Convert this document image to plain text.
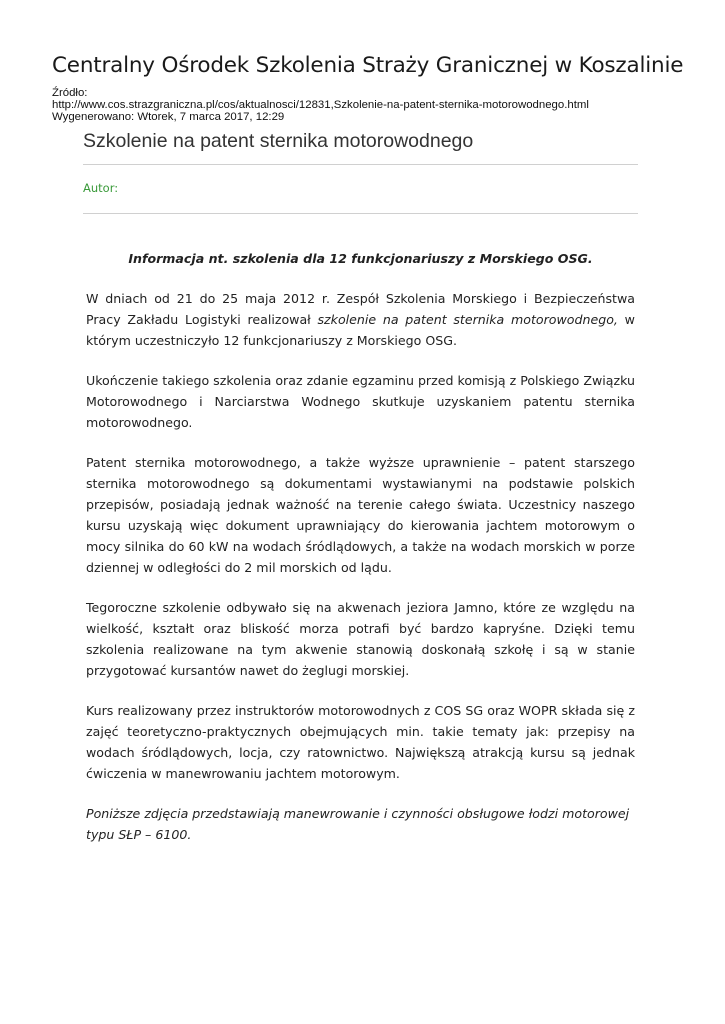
Centralny Ośrodek Szkolenia Straży Granicznej w Koszalinie
Źródło:
http://www.cos.strazgraniczna.pl/cos/aktualnosci/12831,Szkolenie-na-patent-sternika-motorowodnego.html
Wygenerowano: Wtorek, 7 marca 2017, 12:29
Szkolenie na patent sternika motorowodnego
Autor:
Informacja nt. szkolenia dla 12 funkcjonariuszy z Morskiego OSG.

W dniach od 21 do 25 maja 2012 r. Zespół Szkolenia Morskiego i Bezpieczeństwa Pracy Zakładu Logistyki realizował szkolenie na patent sternika motorowodnego, w którym uczestniczyło 12 funkcjonariuszy z Morskiego OSG.

Ukończenie takiego szkolenia oraz zdanie egzaminu przed komisją z Polskiego Związku Motorowodnego i Narciarstwa Wodnego skutkuje uzyskaniem patentu sternika motorowodnego.

Patent sternika motorowodnego, a także wyższe uprawnienie – patent starszego sternika motorowodnego są dokumentami wystawianymi na podstawie polskich przepisów, posiadają jednak ważność na terenie całego świata. Uczestnicy naszego kursu uzyskają więc dokument uprawniający do kierowania jachtem motorowym o mocy silnika do 60 kW na wodach śródlądowych, a także na wodach morskich w porze dziennej w odległości do 2 mil morskich od lądu.

Tegoroczne szkolenie odbywało się na akwenach jeziora Jamno, które ze względu na wielkość, kształt oraz bliskość morza potrafi być bardzo kapryśne. Dzięki temu szkolenia realizowane na tym akwenie stanowią doskonałą szkołę i są w stanie przygotować kursantów nawet do żeglugi morskiej.

Kurs realizowany przez instruktorów motorowodnych z COS SG oraz WOPR składa się z zajęć teoretyczno-praktycznych obejmujących min. takie tematy jak: przepisy na wodach śródlądowych, locja, czy ratownictwo. Największą atrakcją kursu są jednak ćwiczenia w manewrowaniu jachtem motorowym.

Poniższe zdjęcia przedstawiają manewrowanie i czynności obsługowe łodzi motorowej typu SŁP – 6100.
